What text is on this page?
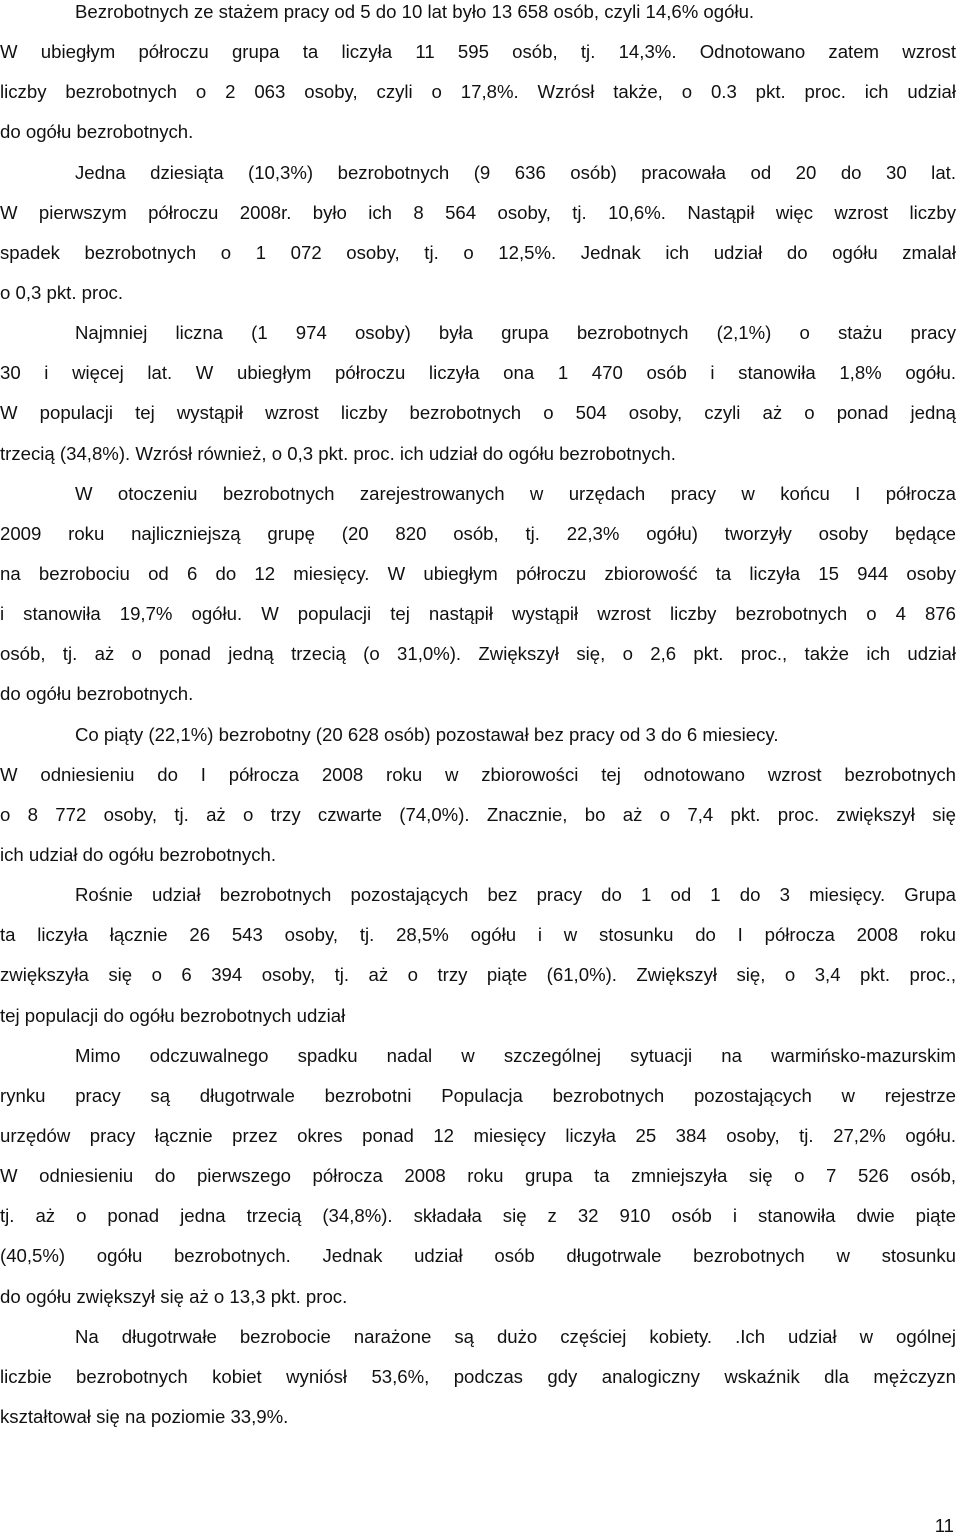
Bezrobotnych ze stażem pracy od 5 do 10 lat było 13 658 osób, czyli 14,6% ogółu.
W ubiegłym półroczu grupa ta liczyła 11 595 osób, tj. 14,3%. Odnotowano zatem wzrost
liczby bezrobotnych o 2 063 osoby, czyli o 17,8%. Wzrósł także, o 0.3 pkt. proc. ich udział
do ogółu bezrobotnych.
Jedna dziesiąta (10,3%) bezrobotnych (9 636 osób) pracowała od 20 do 30 lat.
W pierwszym półroczu 2008r. było ich 8 564 osoby, tj. 10,6%. Nastąpił więc wzrost liczby
spadek bezrobotnych o 1 072 osoby, tj. o 12,5%. Jednak ich udział do ogółu zmalał
o 0,3 pkt. proc.
Najmniej liczna (1 974 osoby) była grupa bezrobotnych (2,1%) o stażu pracy
30 i więcej lat. W ubiegłym półroczu liczyła ona 1 470 osób i stanowiła 1,8% ogółu.
W populacji tej wystąpił wzrost liczby bezrobotnych o 504 osoby, czyli aż o ponad jedną
trzecią (34,8%). Wzrósł również, o 0,3 pkt. proc. ich udział do ogółu bezrobotnych.
W otoczeniu bezrobotnych zarejestrowanych w urzędach pracy w końcu I półrocza
2009 roku najliczniejszą grupę (20 820 osób, tj. 22,3% ogółu) tworzyły osoby będące
na bezrobociu od 6 do 12 miesięcy. W ubiegłym półroczu zbiorowość ta liczyła 15 944 osoby
i stanowiła 19,7% ogółu. W populacji tej nastąpił wystąpił wzrost liczby bezrobotnych o 4 876
osób, tj. aż o ponad jedną trzecią (o 31,0%). Zwiększył się, o 2,6 pkt. proc., także ich udział
do ogółu bezrobotnych.
Co piąty (22,1%) bezrobotny (20 628 osób) pozostawał bez pracy od 3 do 6 miesiecy.
W odniesieniu do I półrocza 2008 roku w zbiorowości tej odnotowano wzrost bezrobotnych
o 8 772 osoby, tj. aż o trzy czwarte (74,0%). Znacznie, bo aż o 7,4 pkt. proc. zwiększył się
ich udział do ogółu bezrobotnych.
Rośnie udział bezrobotnych pozostających bez pracy do 1 od 1 do 3 miesięcy. Grupa
ta liczyła łącznie 26 543 osoby, tj. 28,5% ogółu i w stosunku do I półrocza 2008 roku
zwiększyła się o 6 394 osoby, tj. aż o trzy piąte (61,0%). Zwiększył się, o 3,4 pkt. proc.,
tej populacji do ogółu bezrobotnych udział
Mimo odczuwalnego spadku nadal w szczególnej sytuacji na warmińsko-mazurskim
rynku pracy są długotrwale bezrobotni Populacja bezrobotnych pozostających w rejestrze
urzędów pracy łącznie przez okres ponad 12 miesięcy liczyła 25 384 osoby, tj. 27,2% ogółu.
W odniesieniu do pierwszego półrocza 2008 roku grupa ta zmniejszyła się o 7 526 osób,
tj. aż o ponad jedna trzecią (34,8%). składała się z 32 910 osób i stanowiła dwie piąte
(40,5%) ogółu bezrobotnych. Jednak udział osób długotrwale bezrobotnych w stosunku
do ogółu zwiększył się aż o 13,3 pkt. proc.
Na długotrwałe bezrobocie narażone są dużo częściej kobiety. .Ich udział w ogólnej
liczbie bezrobotnych kobiet wyniósł 53,6%, podczas gdy analogiczny wskaźnik dla mężczyzn
kształtował się na poziomie 33,9%.
11
